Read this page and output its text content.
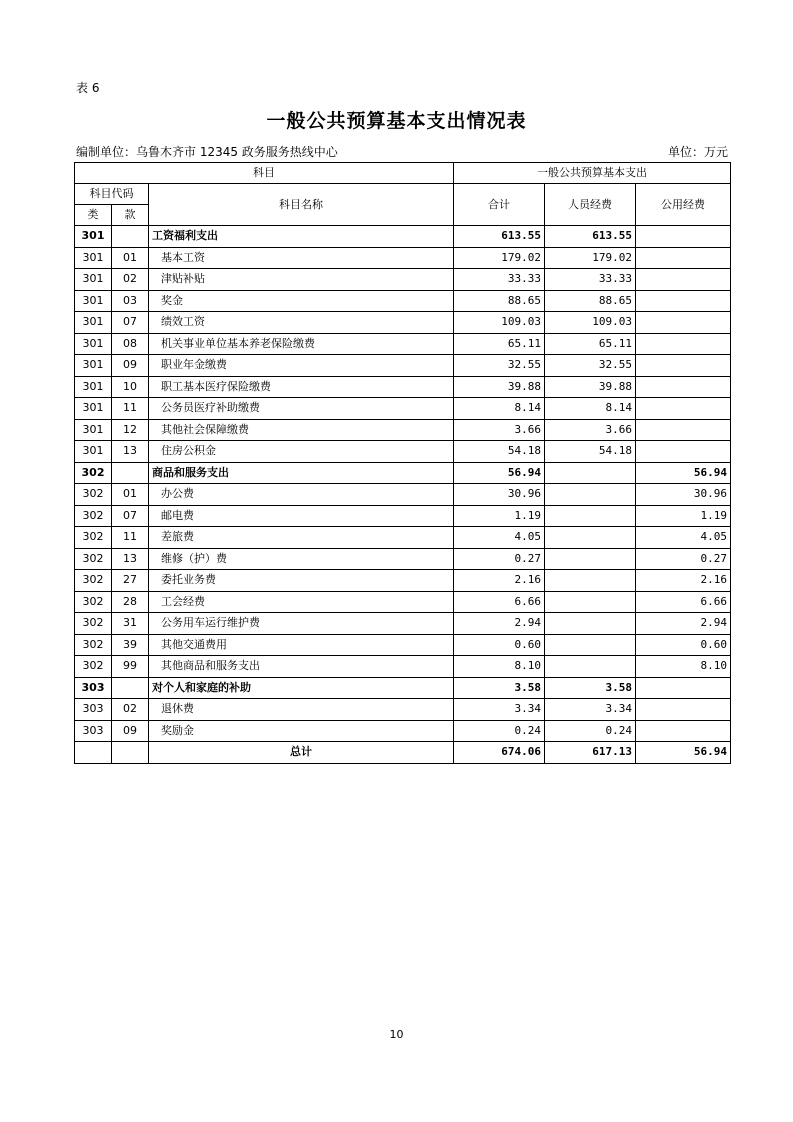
表 6
一般公共预算基本支出情况表
编制单位：乌鲁木齐市 12345 政务服务热线中心	单位：万元
科目			一般公共预算基本支出		
科目代码		科目名称	合计	人员经费	公用经费
类	款				
301		工资福利支出	613.55	613.55	
301	01	基本工资	179.02	179.02	
301	02	津贴补贴	33.33	33.33	
301	03	奖金	88.65	88.65	
301	07	绩效工资	109.03	109.03	
301	08	机关事业单位基本养老保险缴费	65.11	65.11	
301	09	职业年金缴费	32.55	32.55	
301	10	职工基本医疗保险缴费	39.88	39.88	
301	11	公务员医疗补助缴费	8.14	8.14	
301	12	其他社会保障缴费	3.66	3.66	
301	13	住房公积金	54.18	54.18	
302		商品和服务支出	56.94		56.94
302	01	办公费	30.96		30.96
302	07	邮电费	1.19		1.19
302	11	差旅费	4.05		4.05
302	13	维修（护）费	0.27		0.27
302	27	委托业务费	2.16		2.16
302	28	工会经费	6.66		6.66
302	31	公务用车运行维护费	2.94		2.94
302	39	其他交通费用	0.60		0.60
302	99	其他商品和服务支出	8.10		8.10
303		对个人和家庭的补助	3.58	3.58	
303	02	退休费	3.34	3.34	
303	09	奖励金	0.24	0.24	
		总计	674.06	617.13	56.94
10
